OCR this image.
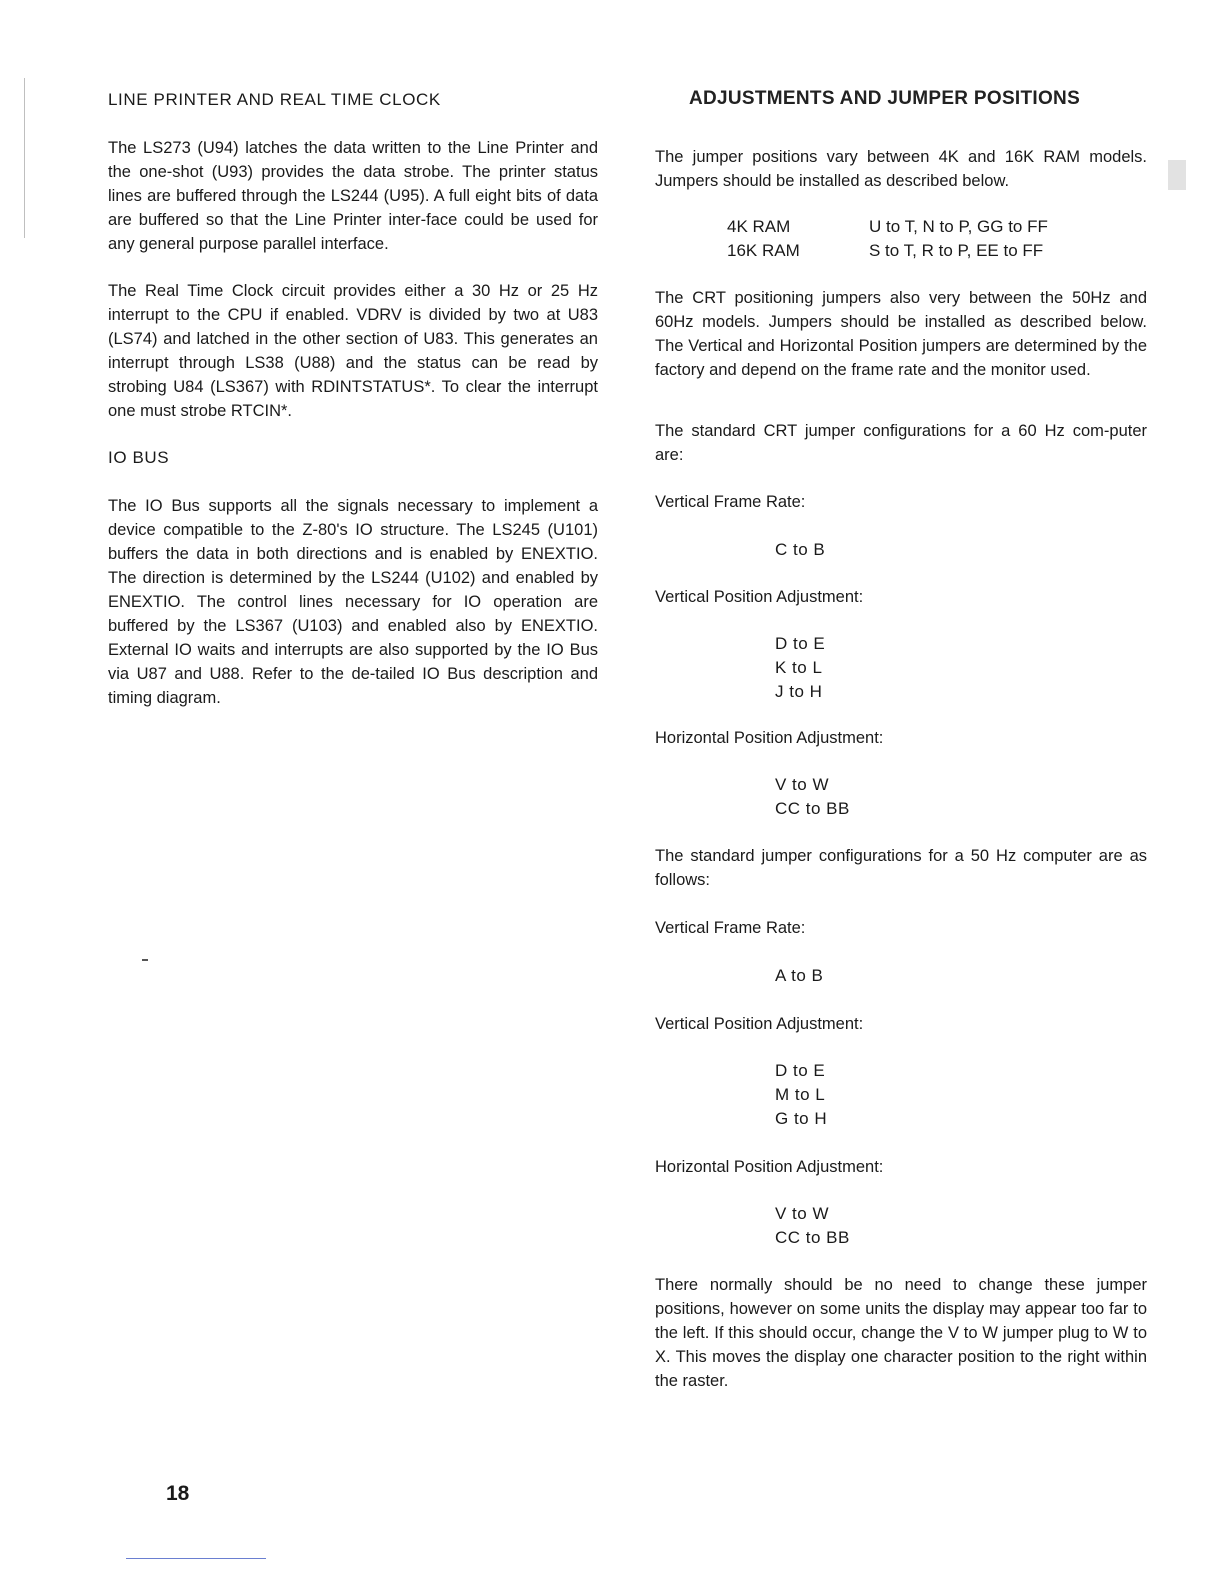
LINE PRINTER AND REAL TIME CLOCK

The LS273 (U94) latches the data written to the Line Printer and the one-shot (U93) provides the data strobe. The printer status lines are buffered through the LS244 (U95). A full eight bits of data are buffered so that the Line Printer inter-face could be used for any general purpose parallel interface.

The Real Time Clock circuit provides either a 30 Hz or 25 Hz interrupt to the CPU if enabled. VDRV is divided by two at U83 (LS74) and latched in the other section of U83. This generates an interrupt through LS38 (U88) and the status can be read by strobing U84 (LS367) with RDINTSTATUS*. To clear the interrupt one must strobe RTCIN*.

IO BUS

The IO Bus supports all the signals necessary to implement a device compatible to the Z-80's IO structure. The LS245 (U101) buffers the data in both directions and is enabled by ENEXTIO. The direction is determined by the LS244 (U102) and enabled by ENEXTIO. The control lines necessary for IO operation are buffered by the LS367 (U103) and enabled also by ENEXTIO. External IO waits and interrupts are also supported by the IO Bus via U87 and U88. Refer to the de-tailed IO Bus description and timing diagram.

ADJUSTMENTS AND JUMPER POSITIONS

The jumper positions vary between 4K and 16K RAM models. Jumpers should be installed as described below.

4K RAM	U to T, N to P, GG to FF
16K RAM	S to T, R to P, EE to FF

The CRT positioning jumpers also very between the 50Hz and 60Hz models. Jumpers should be installed as described below. The Vertical and Horizontal Position jumpers are determined by the factory and depend on the frame rate and the monitor used.

The standard CRT jumper configurations for a 60 Hz com-puter are:

Vertical Frame Rate:

C to B

Vertical Position Adjustment:

D to E
K to L
J to H

Horizontal Position Adjustment:

V to W
CC to BB

The standard jumper configurations for a 50 Hz computer are as follows:

Vertical Frame Rate:

A to B

Vertical Position Adjustment:

D to E
M to L
G to H

Horizontal Position Adjustment:

V to W
CC to BB

There normally should be no need to change these jumper positions, however on some units the display may appear too far to the left. If this should occur, change the V to W jumper plug to W to X. This moves the display one character position to the right within the raster.

18
